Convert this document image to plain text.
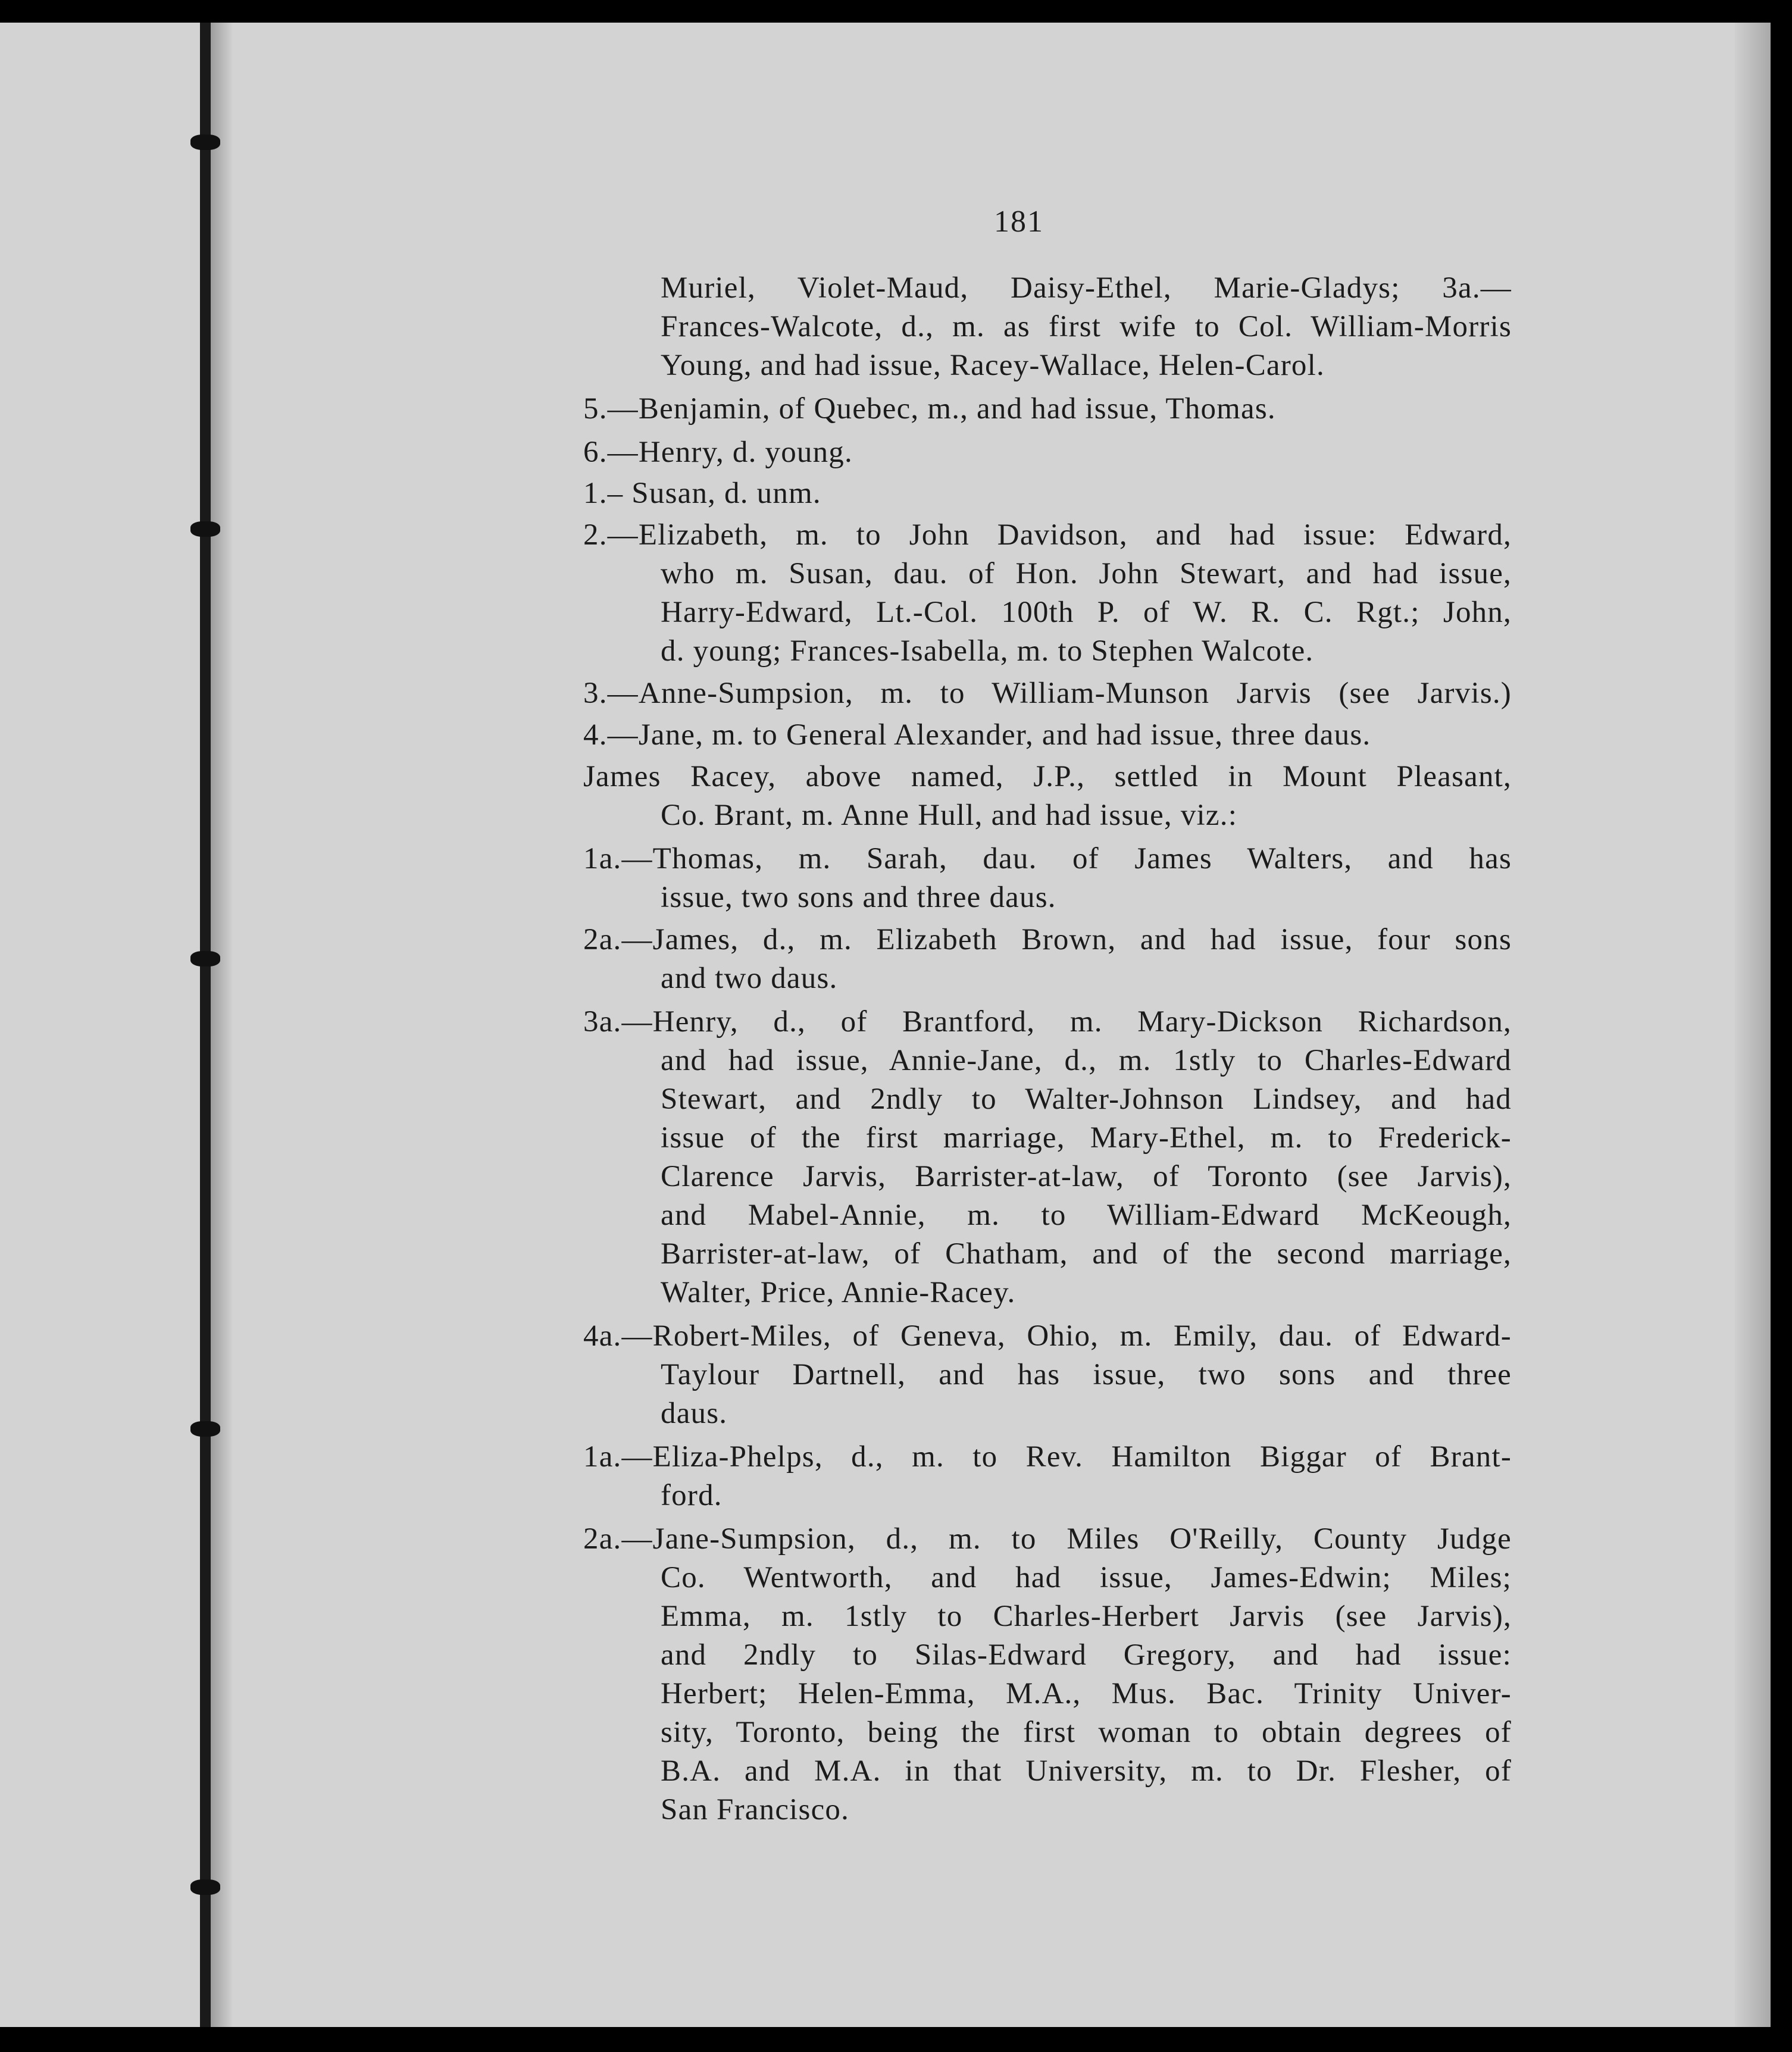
181
Muriel, Violet-Maud, Daisy-Ethel, Marie-Gladys; 3a.—
Frances-Walcote, d., m. as first wife to Col. William-Morris
Young, and had issue, Racey-Wallace, Helen-Carol.
5.—Benjamin, of Quebec, m., and had issue, Thomas.
6.—Henry, d. young.
1.– Susan, d. unm.
2.—Elizabeth, m. to John Davidson, and had issue: Edward,
who m. Susan, dau. of Hon. John Stewart, and had issue,
Harry-Edward, Lt.-Col. 100th P. of W. R. C. Rgt.; John,
d. young; Frances-Isabella, m. to Stephen Walcote.
3.—Anne-Sumpsion, m. to William-Munson Jarvis (see Jarvis.)
4.—Jane, m. to General Alexander, and had issue, three daus.
James Racey, above named, J.P., settled in Mount Pleasant,
Co. Brant, m. Anne Hull, and had issue, viz.:
1a.—Thomas, m. Sarah, dau. of James Walters, and has
issue, two sons and three daus.
2a.—James, d., m. Elizabeth Brown, and had issue, four sons
and two daus.
3a.—Henry, d., of Brantford, m. Mary-Dickson Richardson,
and had issue, Annie-Jane, d., m. 1stly to Charles-Edward
Stewart, and 2ndly to Walter-Johnson Lindsey, and had
issue of the first marriage, Mary-Ethel, m. to Frederick-
Clarence Jarvis, Barrister-at-law, of Toronto (see Jarvis),
and Mabel-Annie, m. to William-Edward McKeough,
Barrister-at-law, of Chatham, and of the second marriage,
Walter, Price, Annie-Racey.
4a.—Robert-Miles, of Geneva, Ohio, m. Emily, dau. of Edward-
Taylour Dartnell, and has issue, two sons and three
daus.
1a.—Eliza-Phelps, d., m. to Rev. Hamilton Biggar of Brant-
ford.
2a.—Jane-Sumpsion, d., m. to Miles O'Reilly, County Judge
Co. Wentworth, and had issue, James-Edwin; Miles;
Emma, m. 1stly to Charles-Herbert Jarvis (see Jarvis),
and 2ndly to Silas-Edward Gregory, and had issue:
Herbert; Helen-Emma, M.A., Mus. Bac. Trinity Univer-
sity, Toronto, being the first woman to obtain degrees of
B.A. and M.A. in that University, m. to Dr. Flesher, of
San Francisco.
